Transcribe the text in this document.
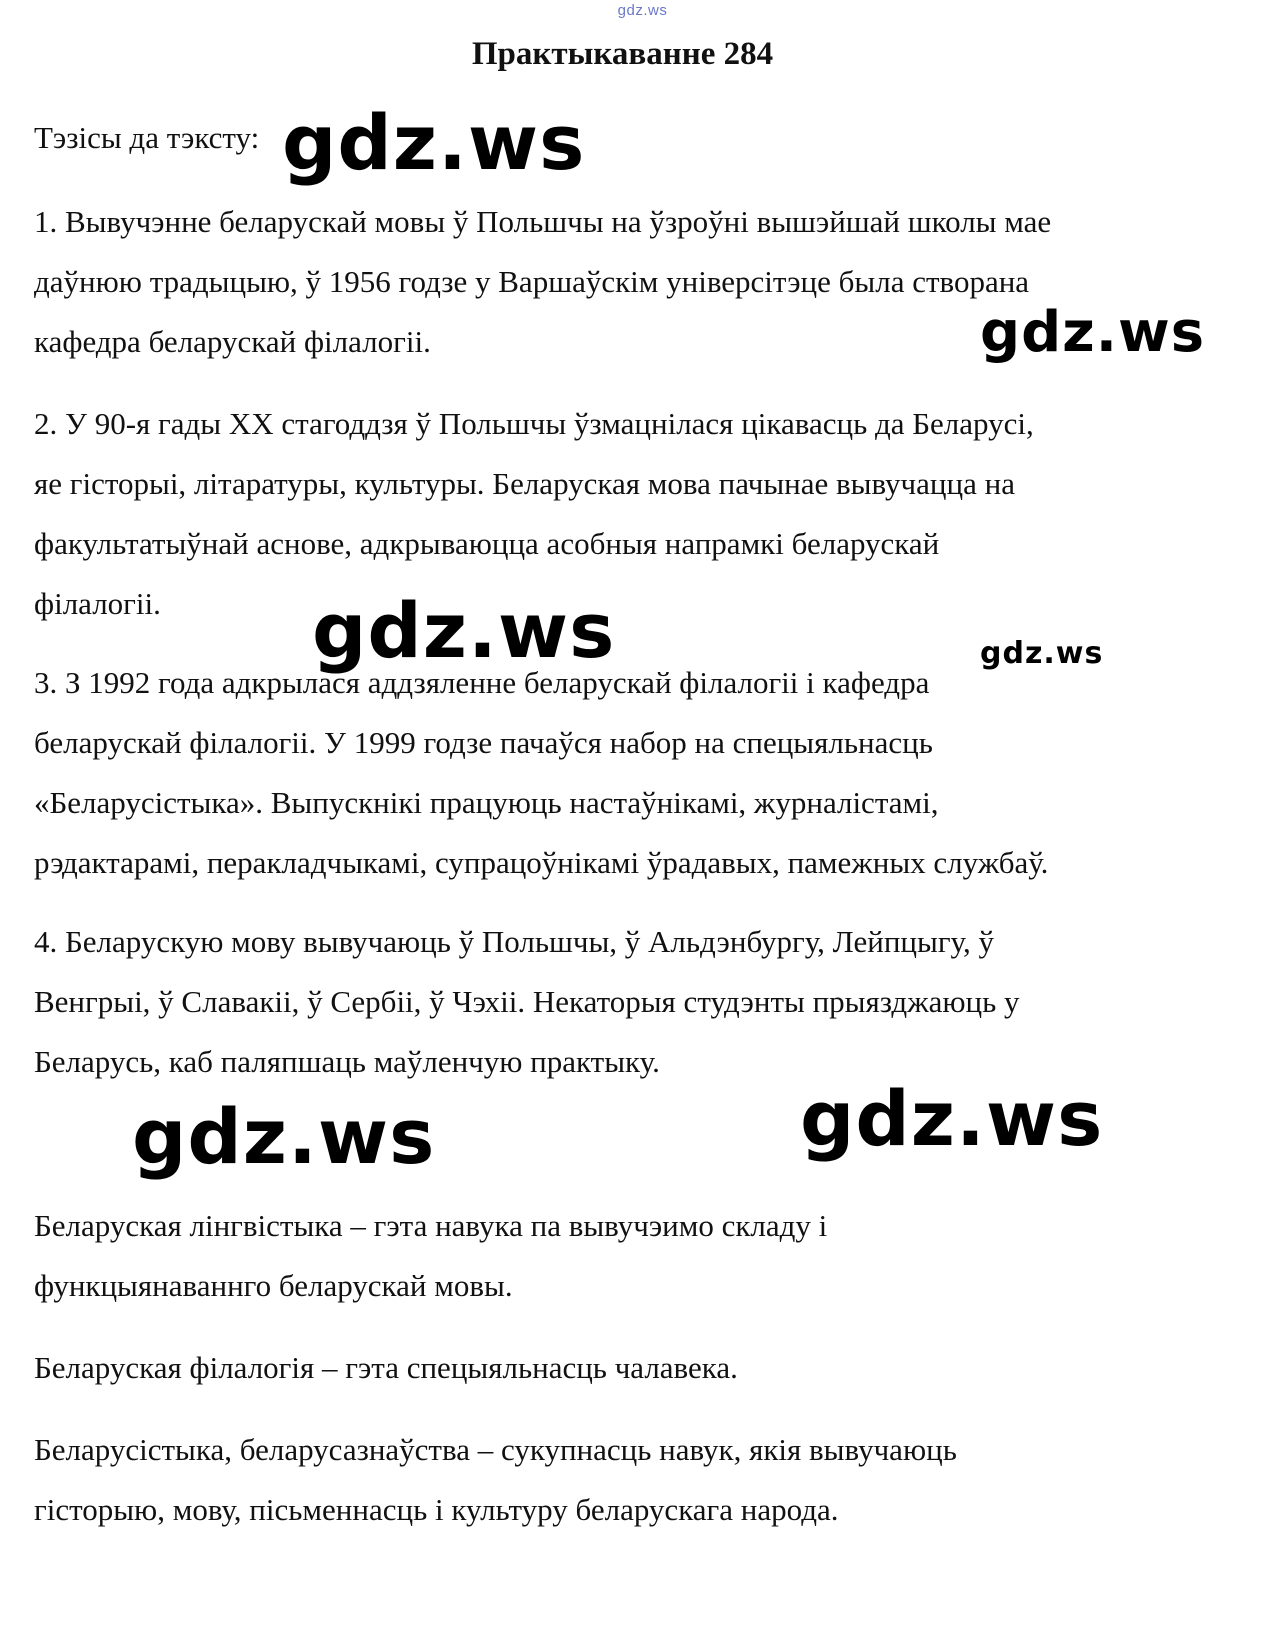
gdz.ws
Практыкаванне 284
Тэзісы да тэксту:
1. Вывучэнне беларускай мовы ў Польшчы на ўзроўні вышэйшай школы мае
даўнюю традыцыю, ў 1956 годзе у Варшаўскім універсітэце была створана
кафедра беларускай філалогіі.
2. У 90-я гады XX стагоддзя ў Польшчы ўзмацнілася цікавасць да Беларусі,
яе гісторыі, літаратуры, культуры. Беларуская мова пачынае вывучацца на
факультатыўнай аснове, адкрываюцца асобныя напрамкі беларускай
філалогіі.
3. З 1992 года адкрылася аддзяленне беларускай філалогіі і кафедра
беларускай філалогіі. У 1999 годзе пачаўся набор на спецыяльнасць
«Беларусістыка». Выпускнікі працуюць настаўнікамі, журналістамі,
рэдактарамі, перакладчыкамі, супрацоўнікамі ўрадавых, памежных службаў.
4. Беларускую мову вывучаюць ў Польшчы, ў Альдэнбургу, Лейпцыгу, ў
Венгрыі, ў Славакіі, ў Сербіі, ў Чэхіі. Некаторыя студэнты прыязджаюць у
Беларусь, каб паляпшаць маўленчую практыку.
Беларуская лінгвістыка – гэта навука па вывучэимо складу і
функцыянаваннго беларускай мовы.
Беларуская філалогія – гэта спецыяльнасць чалавека.
Беларусістыка, беларусазнаўства – сукупнасць навук, якія вывучаюць
гісторыю, мову, пісьменнасць і культуру беларускага народа.
gdz.ws
gdz.ws
gdz.ws	gdz.ws
gdz.ws	gdz.ws
